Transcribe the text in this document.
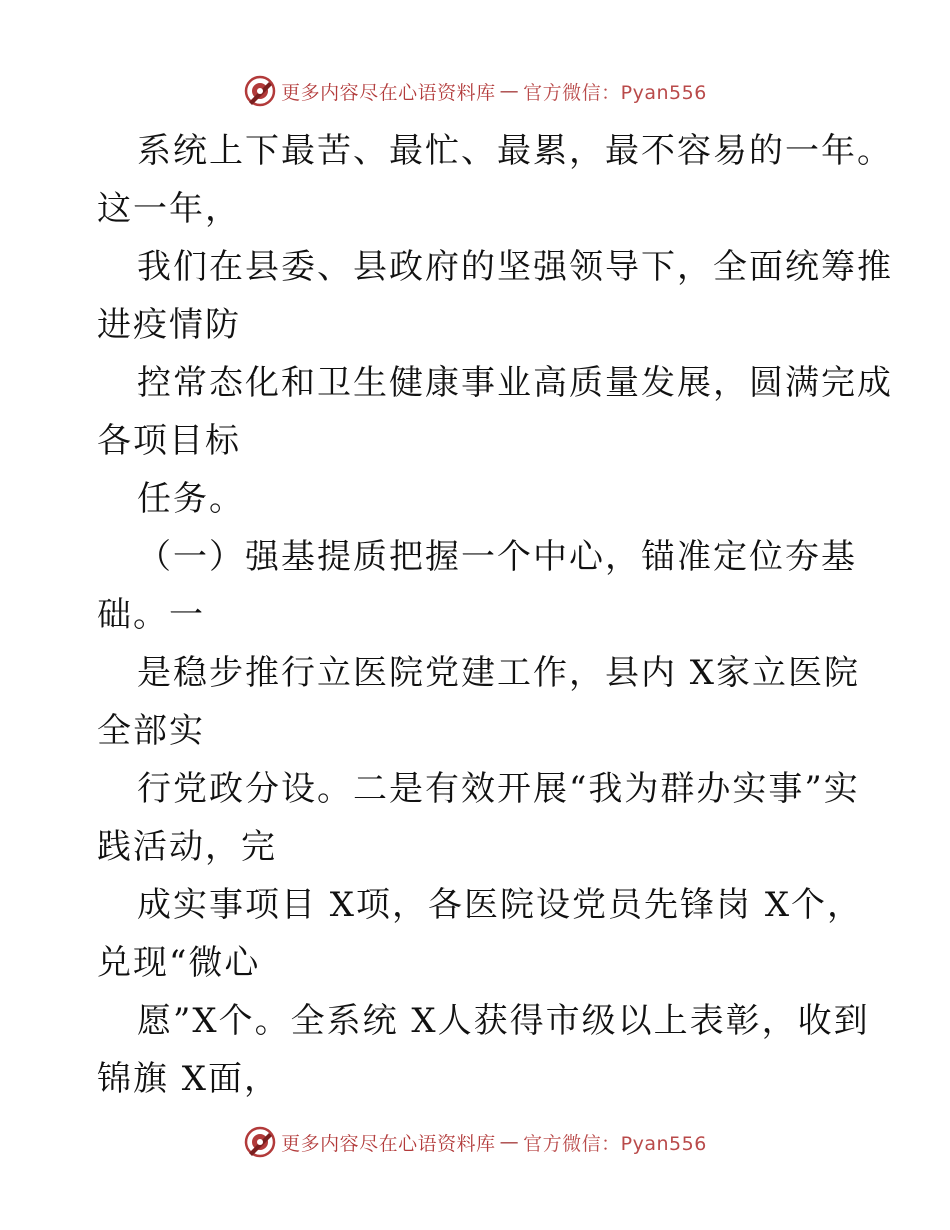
更多内容尽在心语资料库 — 官方微信：Pyan556
系统上下最苦、最忙、最累，最不容易的一年。
这一年，
我们在县委、县政府的坚强领导下，全面统筹推
进疫情防
控常态化和卫生健康事业高质量发展，圆满完成
各项目标
任务。
（一）强基提质把握一个中心，锚准定位夯基
础。一
是稳步推行立医院党建工作，县内 X家立医院
全部实
行党政分设。二是有效开展“我为群办实事”实
践活动，完
成实事项目 X项，各医院设党员先锋岗 X个，
兑现“微心
愿”X个。全系统 X人获得市级以上表彰，收到
锦旗 X面，
更多内容尽在心语资料库 — 官方微信：Pyan556
